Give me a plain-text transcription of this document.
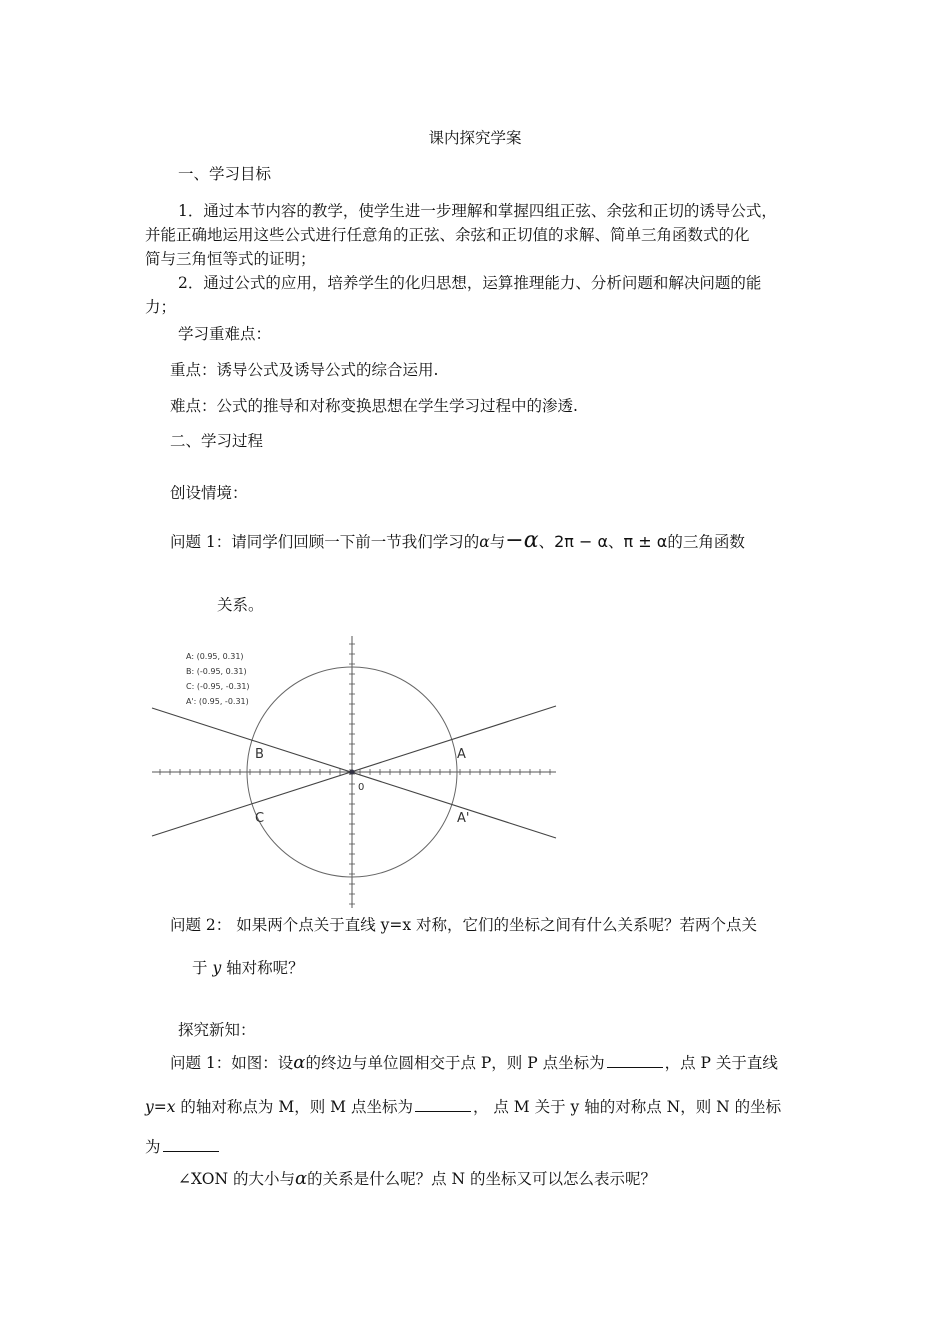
课内探究学案
一、学习目标
1．通过本节内容的教学，使学生进一步理解和掌握四组正弦、余弦和正切的诱导公式，
并能正确地运用这些公式进行任意角的正弦、余弦和正切值的求解、简单三角函数式的化
简与三角恒等式的证明；
2．通过公式的应用，培养学生的化归思想，运算推理能力、分析问题和解决问题的能
力；
学习重难点：
重点：诱导公式及诱导公式的综合运用.
难点：公式的推导和对称变换思想在学生学习过程中的渗透.
二、学习过程
创设情境：
问题 1：请同学们回顾一下前一节我们学习的α与−α、2π − α、π ± α的三角函数
关系。
A: (0.95, 0.31)
B: (-0.95, 0.31)
C: (-0.95, -0.31)
A': (0.95, -0.31)
A
B
C	A'
0
问题 2： 如果两个点关于直线 y=x 对称，它们的坐标之间有什么关系呢？若两个点关
于 y 轴对称呢？
探究新知：
问题 1：如图：设α的终边与单位圆相交于点 P，则 P 点坐标为	，点 P 关于直线
y=x 的轴对称点为 M，则 M 点坐标为	， 点 M 关于 y 轴的对称点 N，则 N 的坐标
为
∠XON 的大小与α的关系是什么呢？点 N 的坐标又可以怎么表示呢？
